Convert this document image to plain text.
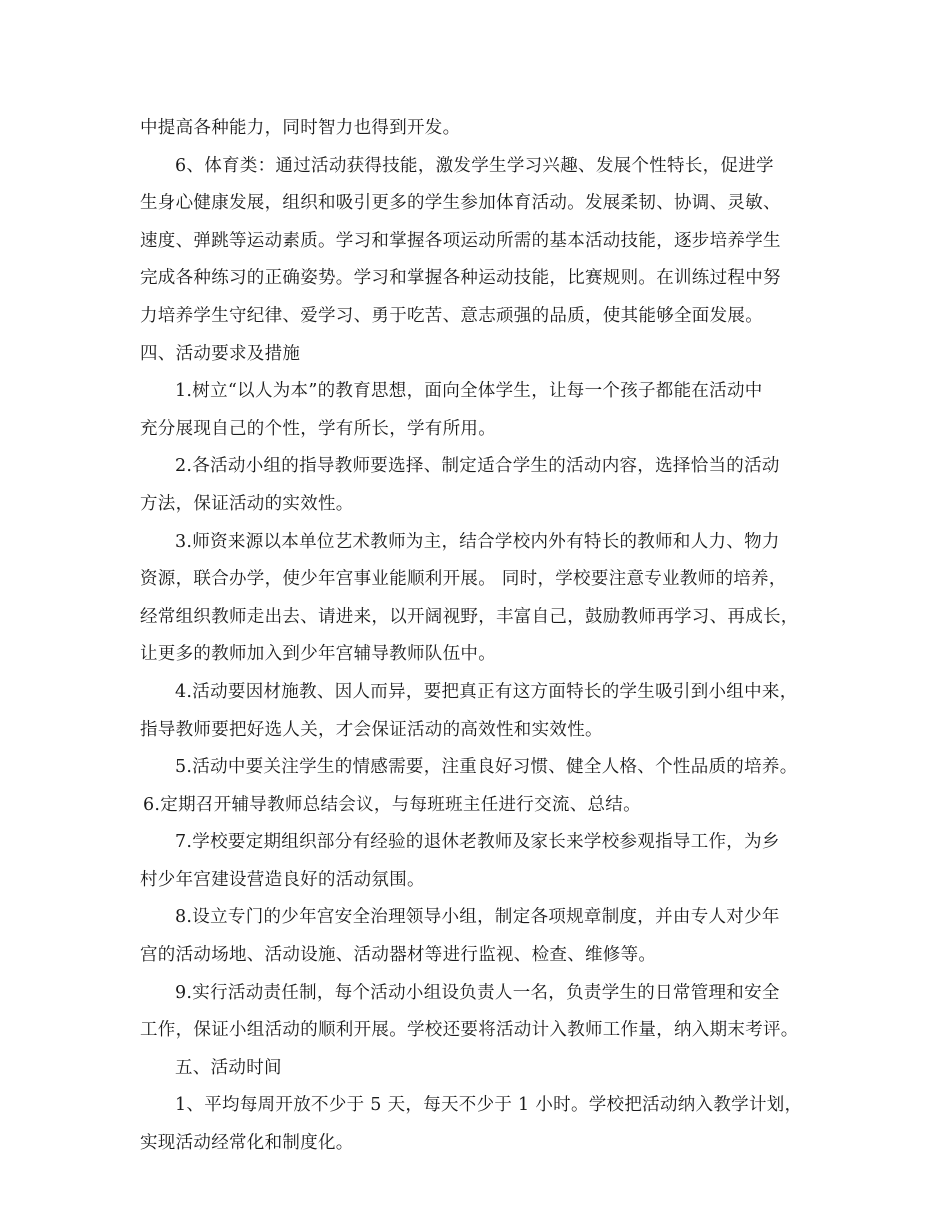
中提高各种能力，同时智力也得到开发。
6、体育类：通过活动获得技能，激发学生学习兴趣、发展个性特长，促进学
生身心健康发展，组织和吸引更多的学生参加体育活动。发展柔韧、协调、灵敏、
速度、弹跳等运动素质。学习和掌握各项运动所需的基本活动技能，逐步培养学生
完成各种练习的正确姿势。学习和掌握各种运动技能，比赛规则。在训练过程中努
力培养学生守纪律、爱学习、勇于吃苦、意志顽强的品质，使其能够全面发展。
四、活动要求及措施
1.树立“以人为本”的教育思想，面向全体学生，让每一个孩子都能在活动中
充分展现自己的个性，学有所长，学有所用。
2.各活动小组的指导教师要选择、制定适合学生的活动内容，选择恰当的活动
方法，保证活动的实效性。
3.师资来源以本单位艺术教师为主，结合学校内外有特长的教师和人力、物力
资源，联合办学，使少年宫事业能顺利开展。 同时，学校要注意专业教师的培养，
经常组织教师走出去、请进来，以开阔视野，丰富自己，鼓励教师再学习、再成长，
让更多的教师加入到少年宫辅导教师队伍中。
4.活动要因材施教、因人而异，要把真正有这方面特长的学生吸引到小组中来，
指导教师要把好选人关，才会保证活动的高效性和实效性。
5.活动中要关注学生的情感需要，注重良好习惯、健全人格、个性品质的培养。
6.定期召开辅导教师总结会议，与每班班主任进行交流、总结。
7.学校要定期组织部分有经验的退休老教师及家长来学校参观指导工作，为乡
村少年宫建设营造良好的活动氛围。
8.设立专门的少年宫安全治理领导小组，制定各项规章制度，并由专人对少年
宫的活动场地、活动设施、活动器材等进行监视、检查、维修等。
9.实行活动责任制，每个活动小组设负责人一名，负责学生的日常管理和安全
工作，保证小组活动的顺利开展。学校还要将活动计入教师工作量，纳入期末考评。
五、活动时间
1、平均每周开放不少于 5 天，每天不少于 1 小时。学校把活动纳入教学计划，
实现活动经常化和制度化。
